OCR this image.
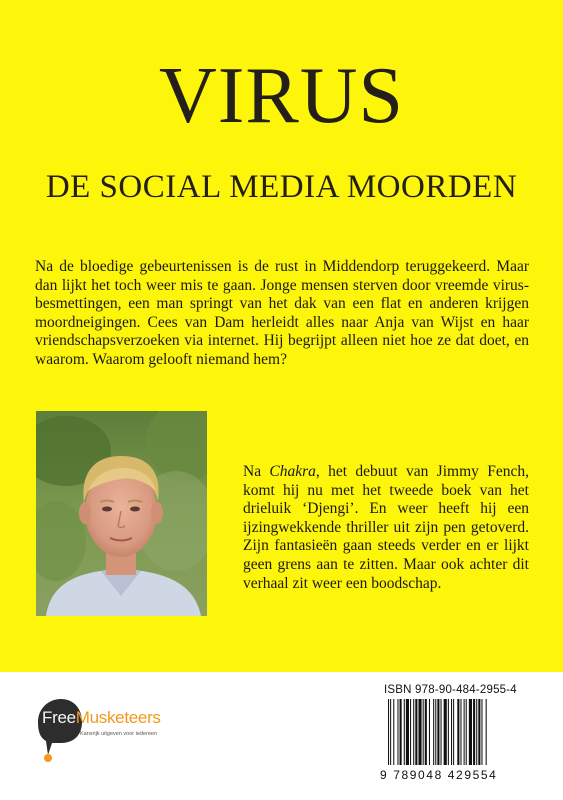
VIRUS
DE SOCIAL MEDIA MOORDEN

Na de bloedige gebeurtenissen is de rust in Middendorp teruggekeerd. Maar dan lijkt het toch weer mis te gaan. Jonge mensen sterven door vreemde virus-besmettingen, een man springt van het dak van een flat en anderen krijgen moordneigingen. Cees van Dam herleidt alles naar Anja van Wijst en haar vriendschapsverzoeken via internet. Hij begrijpt alleen niet hoe ze dat doet, en waarom. Waarom gelooft niemand hem?

Na Chakra, het debuut van Jimmy Fench, komt hij nu met het tweede boek van het drieluik ‘Djengi’. En weer heeft hij een ijzingwekkende thriller uit zijn pen getoverd. Zijn fantasieën gaan steeds verder en er lijkt geen grens aan te zitten. Maar ook achter dit verhaal zit weer een boodschap.

FreeMusketeers
Kansrijk uitgeven voor iedereen
ISBN 978-90-484-2955-4
9 789048 429554
